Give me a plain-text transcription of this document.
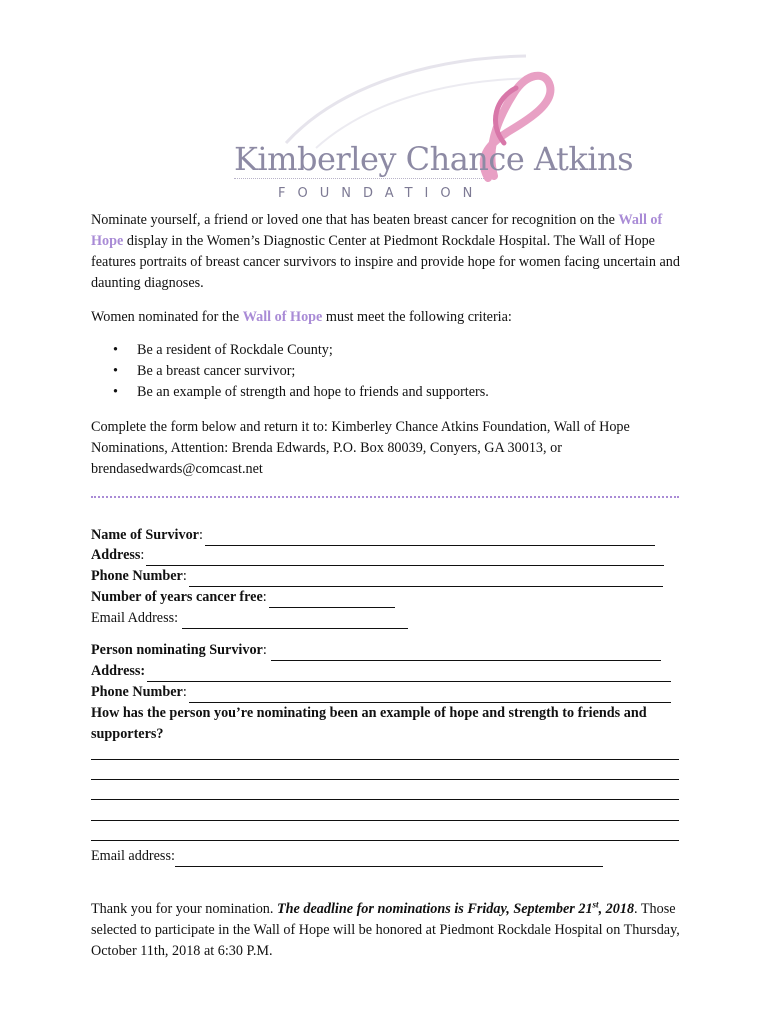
Kimberley Chance Atkins
FOUNDATION
Nominate yourself, a friend or loved one that has beaten breast cancer for recognition on the Wall of Hope display in the Women’s Diagnostic Center at Piedmont Rockdale Hospital. The Wall of Hope features portraits of breast cancer survivors to inspire and provide hope for women facing uncertain and daunting diagnoses.
Women nominated for the Wall of Hope must meet the following criteria:
• Be a resident of Rockdale County;
• Be a breast cancer survivor;
• Be an example of strength and hope to friends and supporters.
Complete the form below and return it to: Kimberley Chance Atkins Foundation, Wall of Hope Nominations, Attention: Brenda Edwards, P.O. Box 80039, Conyers, GA 30013, or brendasedwards@comcast.net
Name of Survivor :
Address :
Phone Number :
Number of years cancer free :
Email Address:
Person nominating Survivor :
Address:
Phone Number :
How has the person you’re nominating been an example of hope and strength to friends and supporters?
Email address:
Thank you for your nomination. The deadline for nominations is Friday, September 21st, 2018. Those selected to participate in the Wall of Hope will be honored at Piedmont Rockdale Hospital on Thursday, October 11th, 2018 at 6:30 P.M.
